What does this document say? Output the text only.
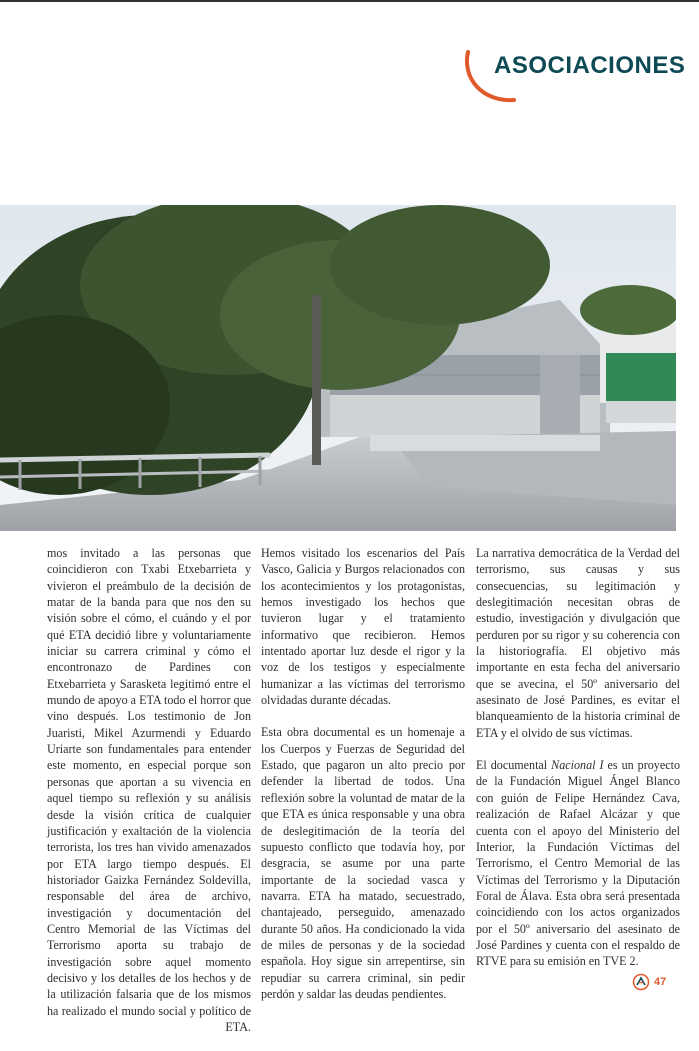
ASOCIACIONES

mos invitado a las personas que coincidieron con Txabi Etxebarrieta y vivieron el preámbulo de la decisión de matar de la banda para que nos den su visión sobre el cómo, el cuándo y el por qué ETA decidió libre y voluntariamente iniciar su carrera criminal y cómo el encontronazo de Pardines con Etxebarrieta y Sarasketa legitimó entre el mundo de apoyo a ETA todo el horror que vino después. Los testimonio de Jon Juaristi, Mikel Azurmendi y Eduardo Uriarte son fundamentales para entender este momento, en especial porque son personas que aportan a su vivencia en aquel tiempo su reflexión y su análisis desde la visión crítica de cualquier justificación y exaltación de la violencia terrorista, los tres han vivido amenazados por ETA largo tiempo después. El historiador Gaizka Fernández Soldevilla, responsable del área de archivo, investigación y documentación del Centro Memorial de las Víctimas del Terrorismo aporta su trabajo de investigación sobre aquel momento decisivo y los detalles de los hechos y de la utilización falsaria que de los mismos ha realizado el mundo social y político de ETA.

Hemos visitado los escenarios del País Vasco, Galicia y Burgos relacionados con los acontecimientos y los protagonistas, hemos investigado los hechos que tuvieron lugar y el tratamiento informativo que recibieron. Hemos intentado aportar luz desde el rigor y la voz de los testigos y especialmente humanizar a las víctimas del terrorismo olvidadas durante décadas.

Esta obra documental es un homenaje a los Cuerpos y Fuerzas de Seguridad del Estado, que pagaron un alto precio por defender la libertad de todos. Una reflexión sobre la voluntad de matar de la que ETA es única responsable y una obra de deslegitimación de la teoría del supuesto conflicto que todavía hoy, por desgracia, se asume por una parte importante de la sociedad vasca y navarra. ETA ha matado, secuestrado, chantajeado, perseguido, amenazado durante 50 años. Ha condicionado la vida de miles de personas y de la sociedad española. Hoy sigue sin arrepentirse, sin repudiar su carrera criminal, sin pedir perdón y saldar las deudas pendientes.

La narrativa democrática de la Verdad del terrorismo, sus causas y sus consecuencias, su legitimación y deslegitimación necesitan obras de estudio, investigación y divulgación que perduren por su rigor y su coherencia con la historiografía. El objetivo más importante en esta fecha del aniversario que se avecina, el 50º aniversario del asesinato de José Pardines, es evitar el blanqueamiento de la historia criminal de ETA y el olvido de sus víctimas.

El documental Nacional I es un proyecto de la Fundación Miguel Ángel Blanco con guión de Felipe Hernández Cava, realización de Rafael Alcázar y que cuenta con el apoyo del Ministerio del Interior, la Fundación Víctimas del Terrorismo, el Centro Memorial de las Víctimas del Terrorismo y la Diputación Foral de Álava. Esta obra será presentada coincidiendo con los actos organizados por el 50º aniversario del asesinato de José Pardines y cuenta con el respaldo de RTVE para su emisión en TVE 2.

47
